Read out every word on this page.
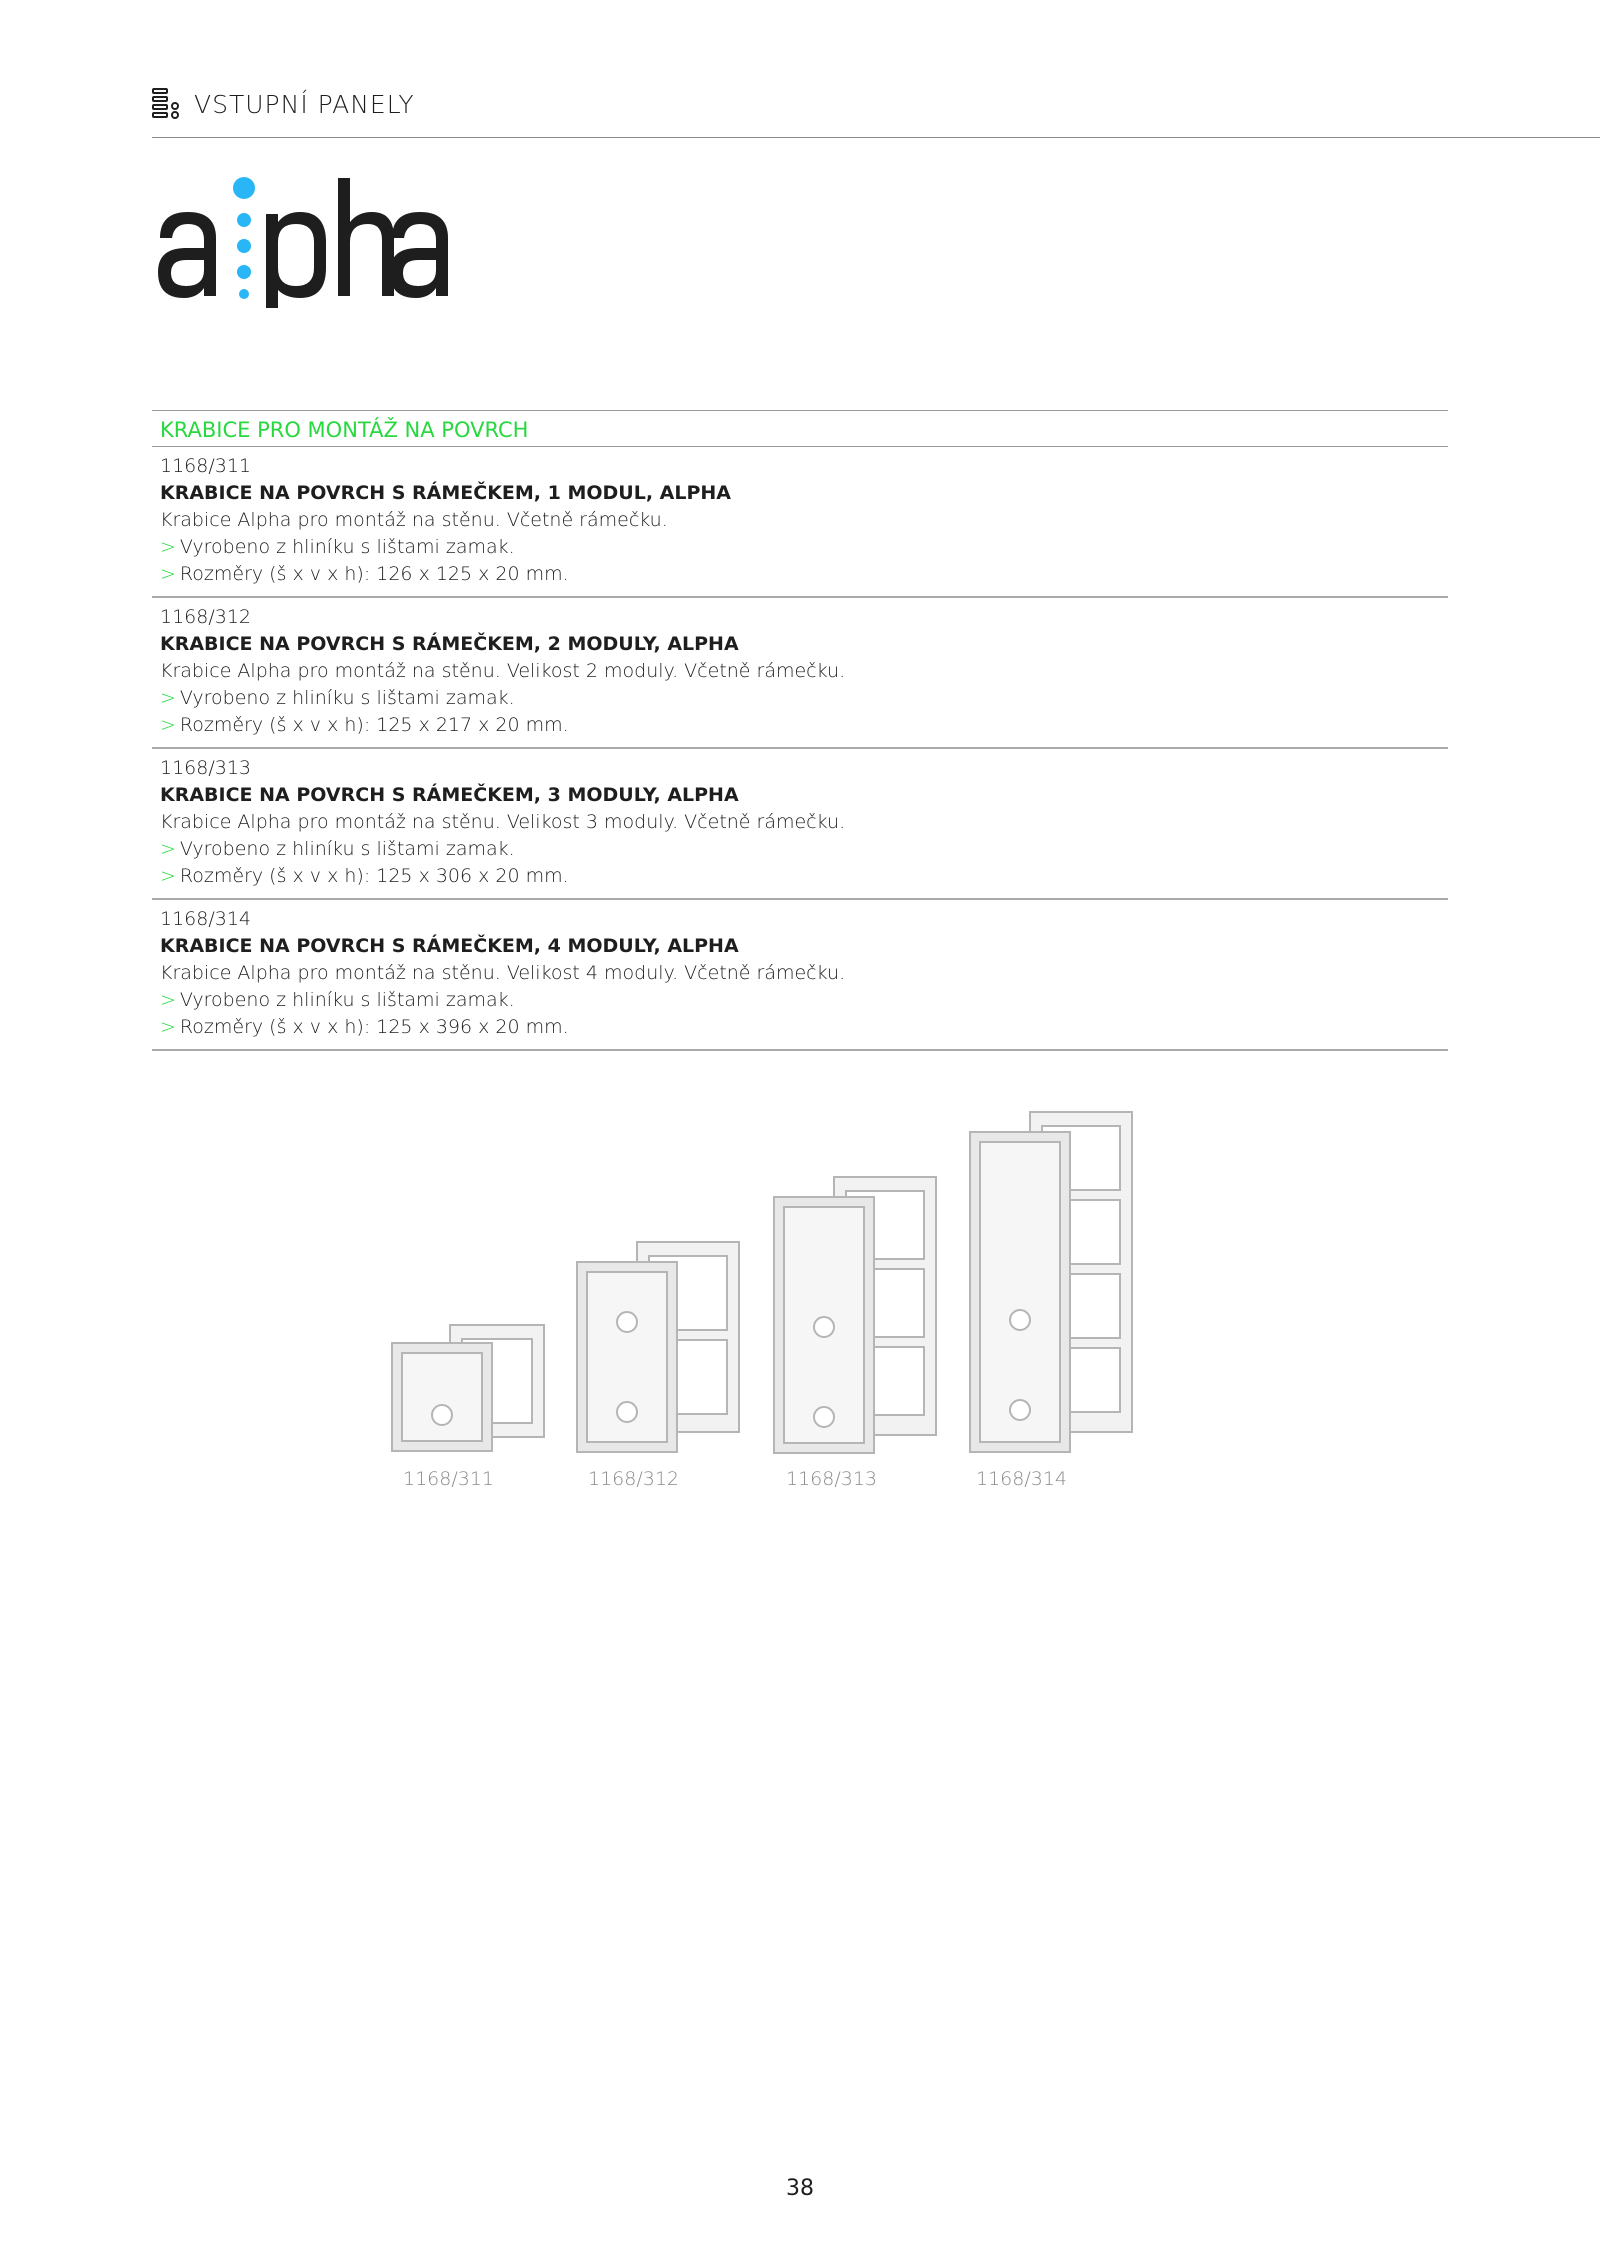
VSTUPNÍ PANELY
KRABICE PRO MONTÁŽ NA POVRCH
1168/311
KRABICE NA POVRCH S RÁMEČKEM, 1 MODUL, ALPHA
Krabice Alpha pro montáž na stěnu. Včetně rámečku.
> Vyrobeno z hliníku s lištami zamak.
> Rozměry (š x v x h): 126 x 125 x 20 mm.
1168/312
KRABICE NA POVRCH S RÁMEČKEM, 2 MODULY, ALPHA
Krabice Alpha pro montáž na stěnu. Velikost 2 moduly. Včetně rámečku.
> Vyrobeno z hliníku s lištami zamak.
> Rozměry (š x v x h): 125 x 217 x 20 mm.
1168/313
KRABICE NA POVRCH S RÁMEČKEM, 3 MODULY, ALPHA
Krabice Alpha pro montáž na stěnu. Velikost 3 moduly. Včetně rámečku.
> Vyrobeno z hliníku s lištami zamak.
> Rozměry (š x v x h): 125 x 306 x 20 mm.
1168/314
KRABICE NA POVRCH S RÁMEČKEM, 4 MODULY, ALPHA
Krabice Alpha pro montáž na stěnu. Velikost 4 moduly. Včetně rámečku.
> Vyrobeno z hliníku s lištami zamak.
> Rozměry (š x v x h): 125 x 396 x 20 mm.
1168/311	1168/312	1168/313	1168/314
38
